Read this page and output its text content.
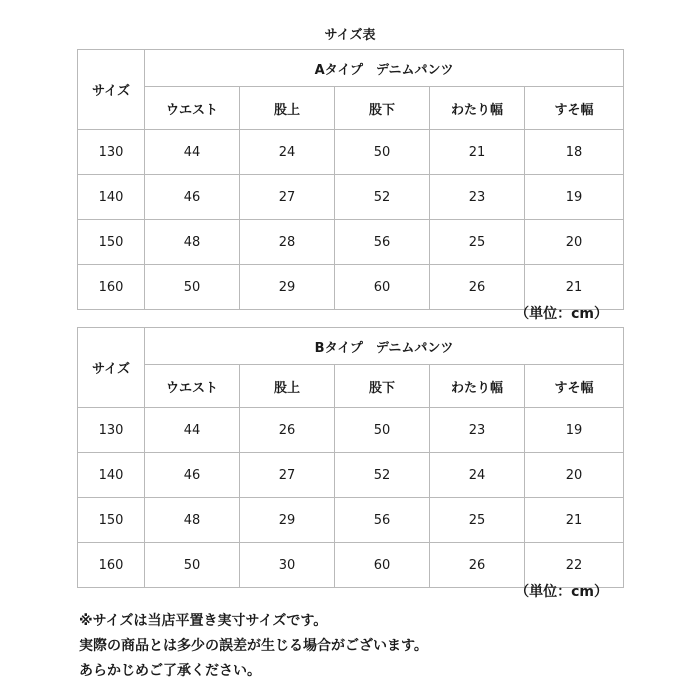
サイズ表
サイズ	Aタイプ　デニムパンツ				
	ウエスト	股上	股下	わたり幅	すそ幅
130	44	24	50	21	18
140	46	27	52	23	19
150	48	28	56	25	20
160	50	29	60	26	21
（単位：cm）
サイズ	Bタイプ　デニムパンツ				
	ウエスト	股上	股下	わたり幅	すそ幅
130	44	26	50	23	19
140	46	27	52	24	20
150	48	29	56	25	21
160	50	30	60	26	22
（単位：cm）

※サイズは当店平置き実寸サイズです。

実際の商品とは多少の誤差が生じる場合がございます。

あらかじめご了承ください。
